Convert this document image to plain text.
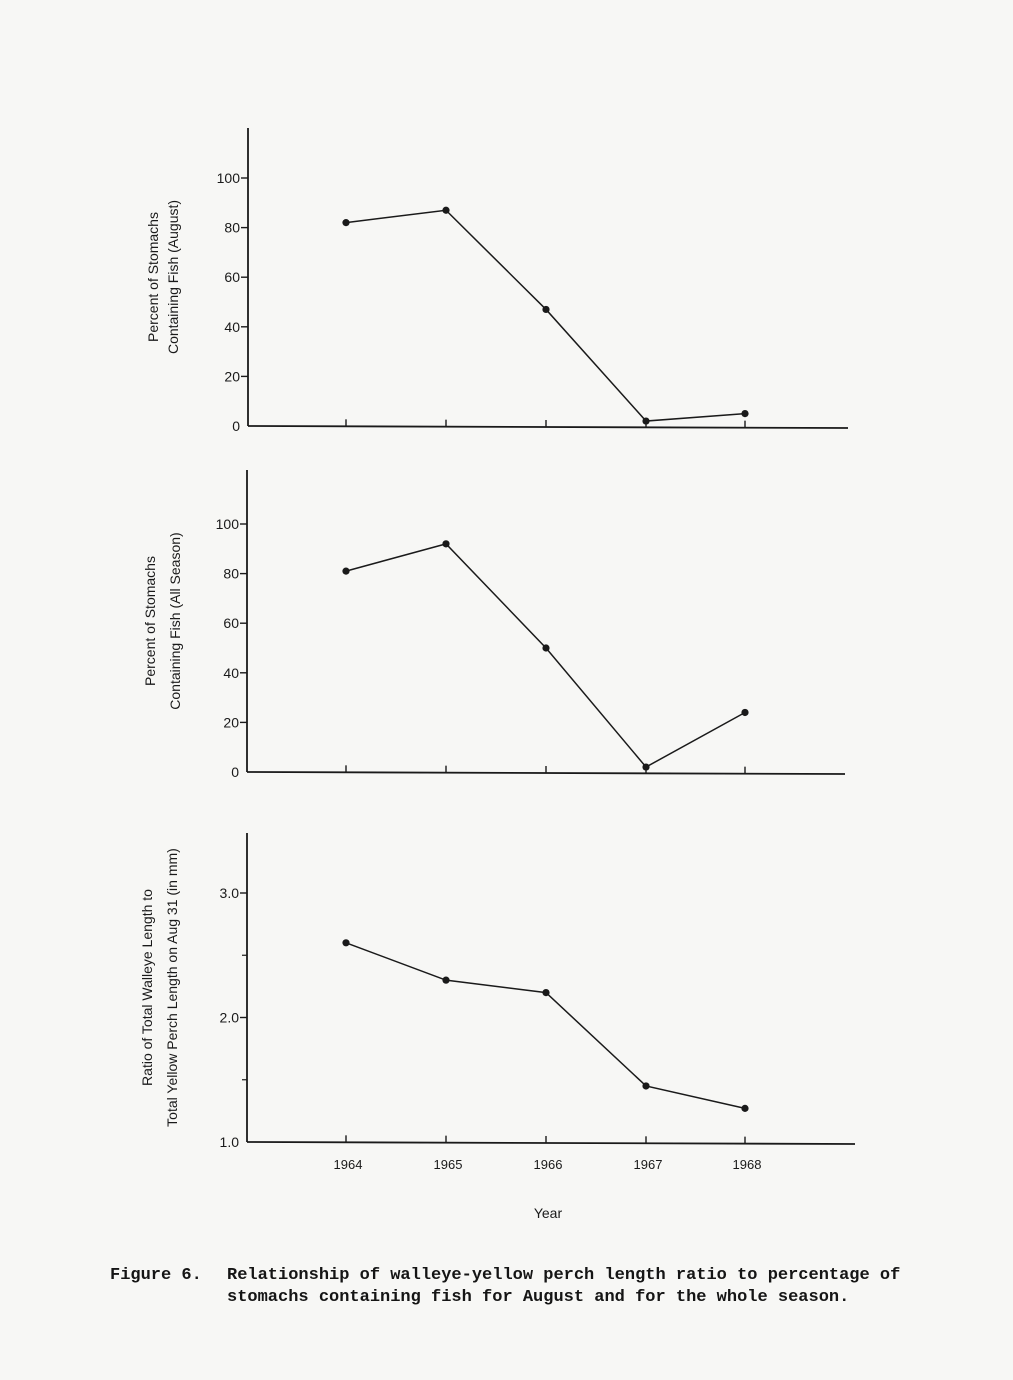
0
20
40
60
80
100
Percent of Stomachs Containing Fish (August)
0
20
40
60
80
100
Percent of Stomachs Containing Fish (All Season)
1.0
2.0
3.0
1964	1965	1966	1967	1968
Ratio of Total Walleye Length to Total Yellow Perch Length on Aug 31 (in mm)
Year
Figure 6. Relationship of walleye-yellow perch length ratio to percentage of stomachs containing fish for August and for the whole season.
